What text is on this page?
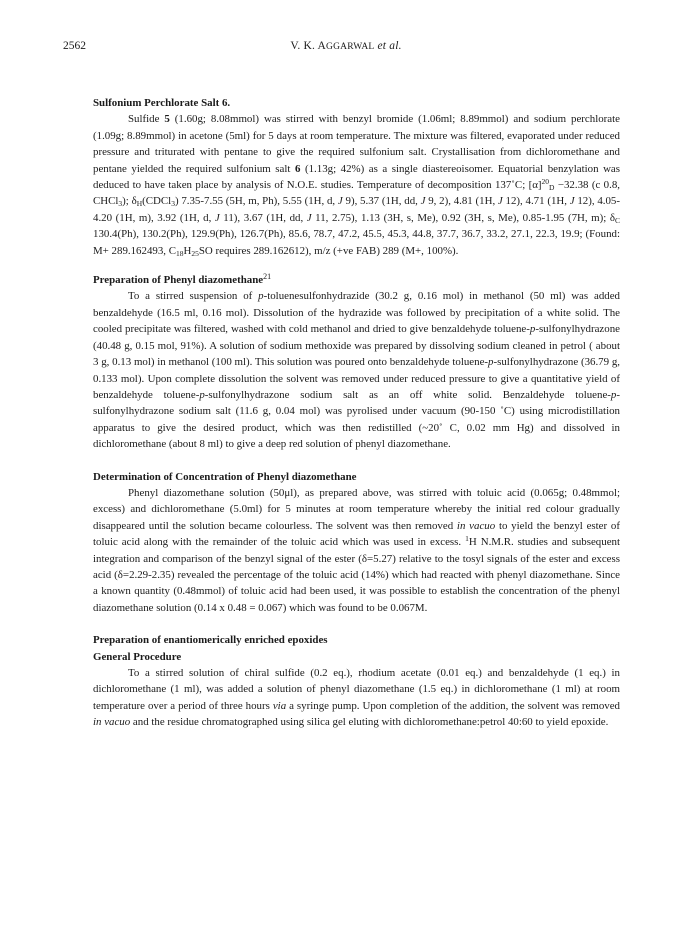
2562	V. K. AGGARWAL et al.

Sulfonium Perchlorate Salt 6.

Sulfide 5 (1.60g; 8.08mmol) was stirred with benzyl bromide (1.06ml; 8.89mmol) and sodium perchlorate (1.09g; 8.89mmol) in acetone (5ml) for 5 days at room temperature. The mixture was filtered, evaporated under reduced pressure and triturated with pentane to give the required sulfonium salt. Crystallisation from dichloromethane and pentane yielded the required sulfonium salt 6 (1.13g; 42%) as a single diastereoisomer. Equatorial benzylation was deduced to have taken place by analysis of N.O.E. studies. Temperature of decomposition 137˚C; $[\alpha]^{20}_D -32.38$ (c 0.8, CHCl$_3$); $\delta_H(CDCl_3)$ 7.35-7.55 (5H, m, Ph), 5.55 (1H, d, J 9), 5.37 (1H, dd, J 9, 2), 4.81 (1H, J 12), 4.71 (1H, J 12), 4.05-4.20 (1H, m), 3.92 (1H, d, J 11), 3.67 (1H, dd, J 11, 2.75), 1.13 (3H, s, Me), 0.92 (3H, s, Me), 0.85-1.95 (7H, m); $\delta_C$ 130.4(Ph), 130.2(Ph), 129.9(Ph), 126.7(Ph), 85.6, 78.7, 47.2, 45.5, 45.3, 44.8, 37.7, 36.7, 33.2, 27.1, 22.3, 19.9; (Found: M+ 289.162493, $C_{18}H_{25}SO$ requires 289.162612), m/z (+ve FAB) 289 (M+, 100%).

Preparation of Phenyl diazomethane$^{21}$

To a stirred suspension of p-toluenesulfonhydrazide (30.2 g, 0.16 mol) in methanol (50 ml) was added benzaldehyde (16.5 ml, 0.16 mol). Dissolution of the hydrazide was followed by precipitation of a white solid. The cooled precipitate was filtered, washed with cold methanol and dried to give benzaldehyde toluene-p-sulfonylhydrazone (40.48 g, 0.15 mol, 91%). A solution of sodium methoxide was prepared by dissolving sodium cleaned in petrol ( about 3 g, 0.13 mol) in methanol (100 ml). This solution was poured onto benzaldehyde toluene-p-sulfonylhydrazone (36.79 g, 0.133 mol). Upon complete dissolution the solvent was removed under reduced pressure to give a quantitative yield of benzaldehyde toluene-p-sulfonylhydrazone sodium salt as an off white solid. Benzaldehyde toluene-p-sulfonylhydrazone sodium salt (11.6 g, 0.04 mol) was pyrolised under vacuum (90-150 ˚C) using microdistillation apparatus to give the desired product, which was then redistilled (~20˚ C, 0.02 mm Hg) and dissolved in dichloromethane (about 8 ml) to give a deep red solution of phenyl diazomethane.

Determination of Concentration of Phenyl diazomethane

Phenyl diazomethane solution (50μl), as prepared above, was stirred with toluic acid (0.065g; 0.48mmol; excess) and dichloromethane (5.0ml) for 5 minutes at room temperature whereby the initial red colour gradually disappeared until the solution became colourless. The solvent was then removed in vacuo to yield the benzyl ester of toluic acid along with the remainder of the toluic acid which was used in excess. $^1$H N.M.R. studies and subsequent integration and comparison of the benzyl signal of the ester (δ=5.27) relative to the tosyl signals of the ester and excess acid (δ=2.29-2.35) revealed the percentage of the toluic acid (14%) which had reacted with phenyl diazomethane. Since a known quantity (0.48mmol) of toluic acid had been used, it was possible to establish the concentration of the phenyl diazomethane solution (0.14 x 0.48 = 0.067) which was found to be 0.067M.

Preparation of enantiomerically enriched epoxides

General Procedure

To a stirred solution of chiral sulfide (0.2 eq.), rhodium acetate (0.01 eq.) and benzaldehyde (1 eq.) in dichloromethane (1 ml), was added a solution of phenyl diazomethane (1.5 eq.) in dichloromethane (1 ml) at room temperature over a period of three hours via a syringe pump. Upon completion of the addition, the solvent was removed in vacuo and the residue chromatographed using silica gel eluting with dichloromethane:petrol 40:60 to yield epoxide.
